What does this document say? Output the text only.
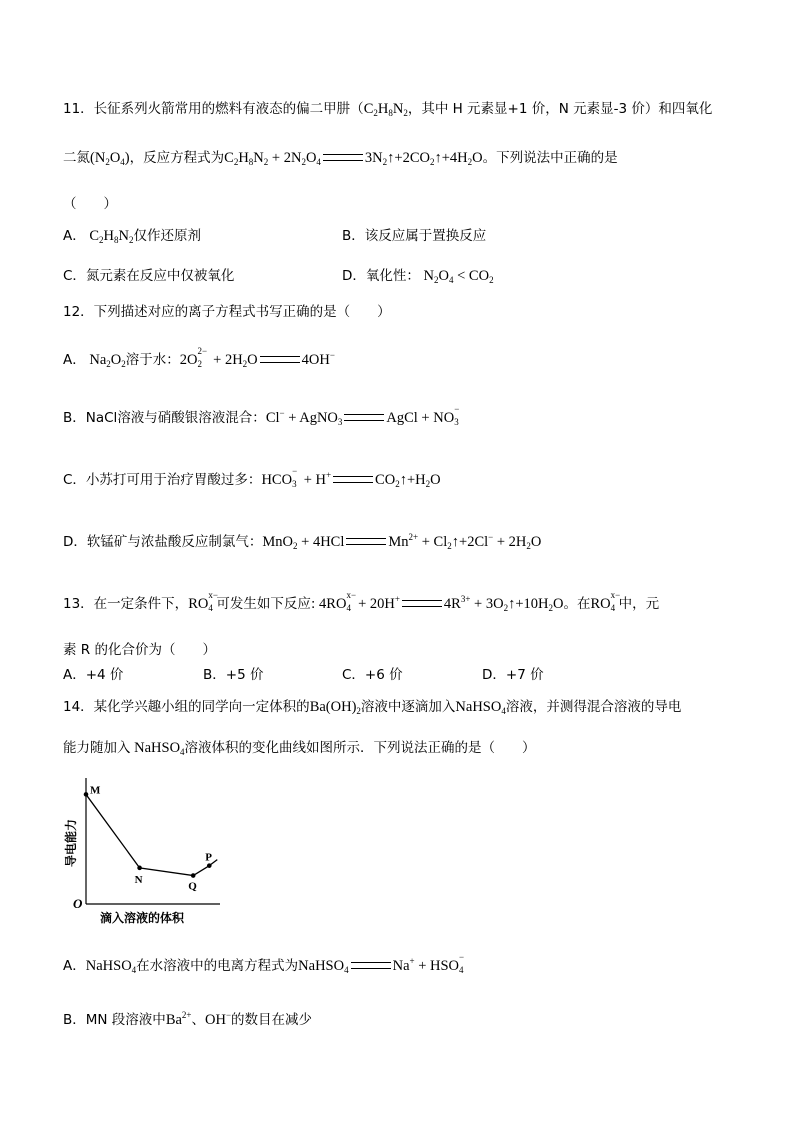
11．长征系列火箭常用的燃料有液态的偏二甲肼（$C_2H_8N_2$，其中 H 元素显+1 价，N 元素显-3 价）和四氧化
二氮$(N_2O_4)$，反应方程式为$C_2H_8N_2 + 2N_2O_4$	$3N_2↑+2CO_2↑+4H_2O$。下列说法中正确的是
（　　）
A． $C_2H_8N_2$仅作还原剂	B．该反应属于置换反应
C．氮元素在反应中仅被氧化	D．氧化性： $N_2O_4 < CO_2$
12．下列描述对应的离子方程式书写正确的是（　　）
A． $Na_2O_2$溶于水：2O
2−
$2 + 2H_2O$	4OH−
B．NaCl溶液与硝酸银溶液混合：Cl− + AgNO$_3$	AgCl + NO
−
3
C．小苏打可用于治疗胃酸过多：HCO
−
3 + H+	$CO_2↑+H_2O$
D．软锰矿与浓盐酸反应制氯气：MnO$_2$ + 4HCl	$Mn^{2+}$ + $Cl_2↑+2Cl^- + 2H_2O$
13．在一定条件下，RO
x−
4 可发生如下反应: 4RO
x−
4 + 20H+	$4R^{3+}$ + $3O_2↑+10H_2O$。在RO
x−
4 中，元
素 R 的化合价为（　　）
A．+4 价	B．+5 价	C．+6 价	D．+7 价
14．某化学兴趣小组的同学向一定体积的$Ba(OH)_2$溶液中逐滴加入NaHSO$_4$溶液，并测得混合溶液的导电
能力随加入 NaHSO$_4$溶液体积的变化曲线如图所示．下列说法正确的是（　　）
O
导电能力
滴入溶液的体积
M
N
Q
P
A．NaHSO$_4$在水溶液中的电离方程式为NaHSO$_4$	Na+ + HSO
−
4
B．MN 段溶液中$Ba^{2+}$、OH−的数目在减少
